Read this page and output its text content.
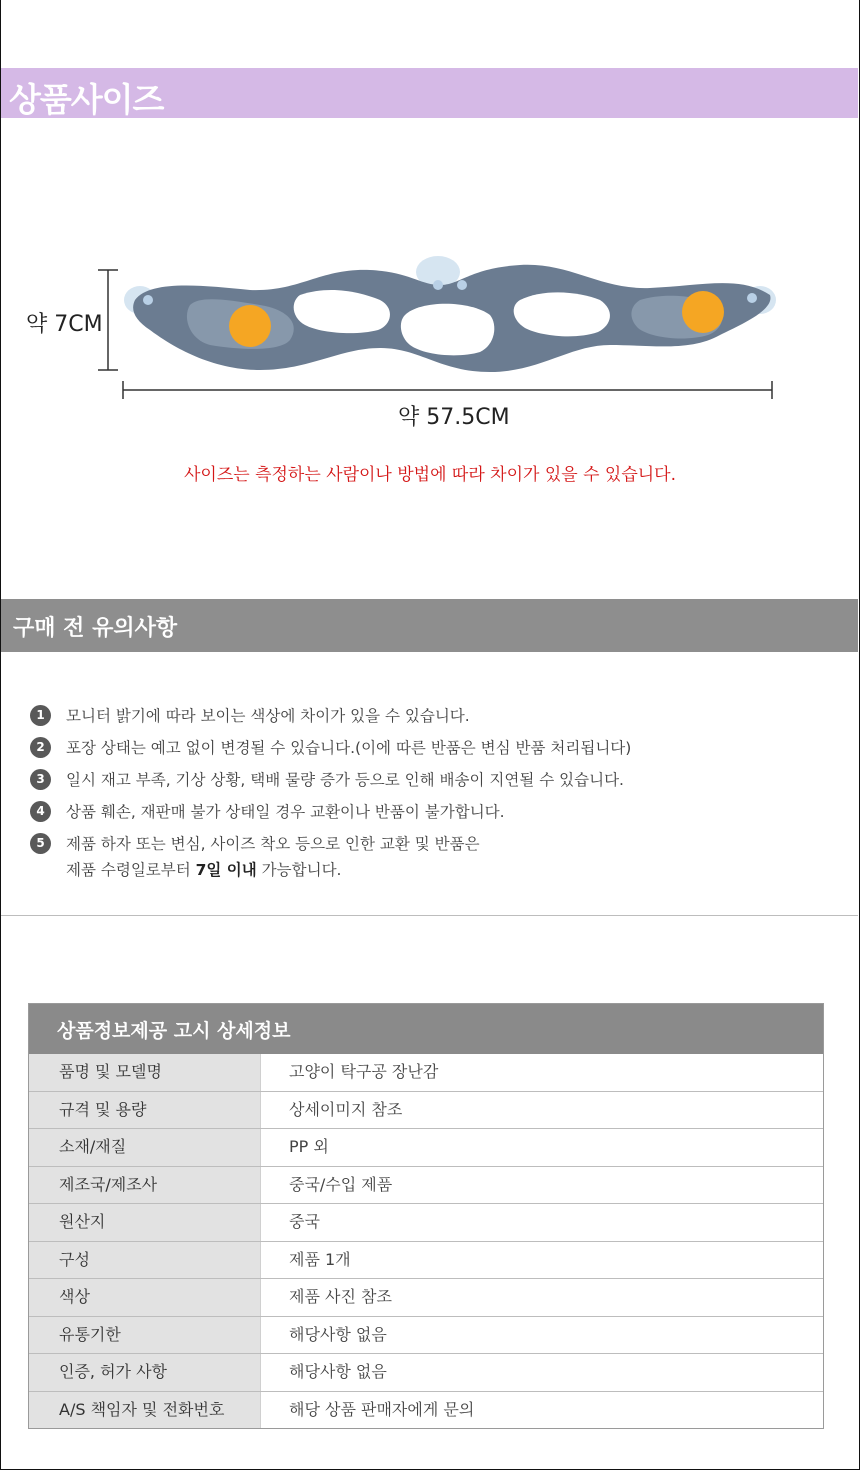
상품사이즈
약 7CM
약 57.5CM
사이즈는 측정하는 사람이나 방법에 따라 차이가 있을 수 있습니다.
구매 전 유의사항
1	모니터 밝기에 따라 보이는 색상에 차이가 있을 수 있습니다.
2	포장 상태는 예고 없이 변경될 수 있습니다.(이에 따른 반품은 변심 반품 처리됩니다)
3	일시 재고 부족, 기상 상황, 택배 물량 증가 등으로 인해 배송이 지연될 수 있습니다.
4	상품 훼손, 재판매 불가 상태일 경우 교환이나 반품이 불가합니다.
5	제품 하자 또는 변심, 사이즈 착오 등으로 인한 교환 및 반품은
제품 수령일로부터 7일 이내 가능합니다.
상품정보제공 고시 상세정보
품명 및 모델명	고양이 탁구공 장난감
규격 및 용량	상세이미지 참조
소재/재질	PP 외
제조국/제조사	중국/수입 제품
원산지	중국
구성	제품 1개
색상	제품 사진 참조
유통기한	해당사항 없음
인증, 허가 사항	해당사항 없음
A/S 책임자 및 전화번호	해당 상품 판매자에게 문의
